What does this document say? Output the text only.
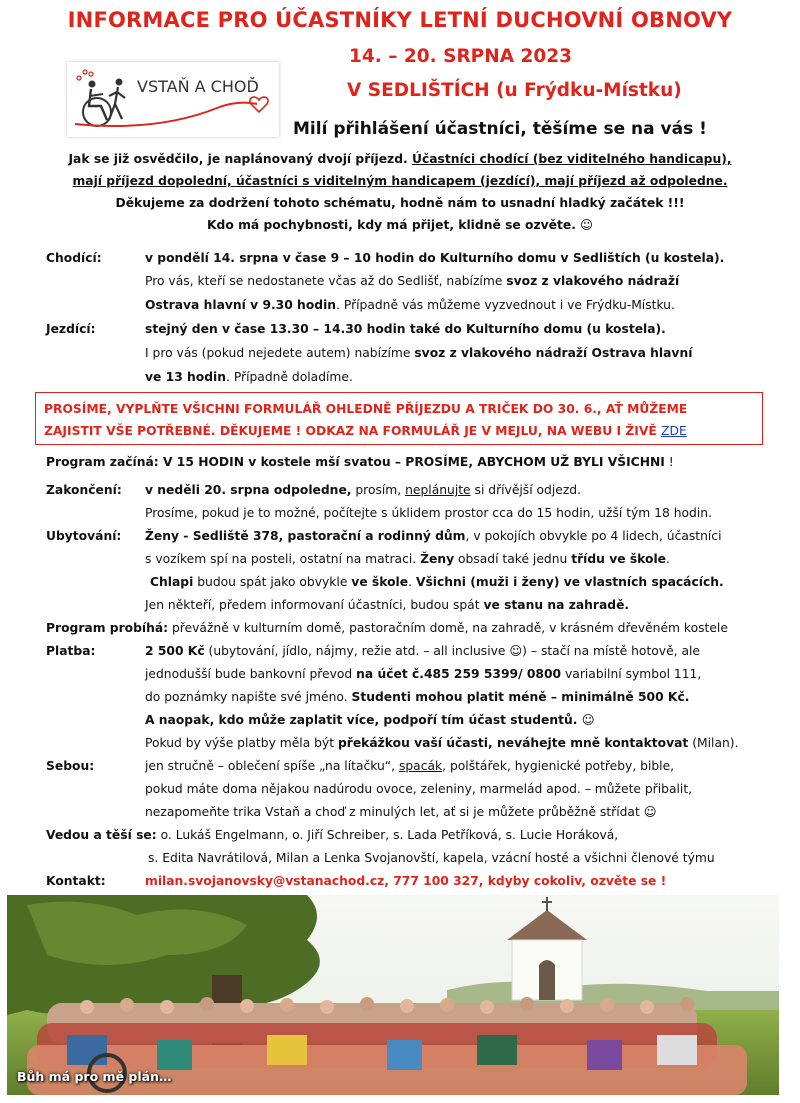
INFORMACE PRO ÚČASTNÍKY LETNÍ DUCHOVNÍ OBNOVY
14. – 20. SRPNA 2023
V SEDLIŠTÍCH (u Frýdku-Místku)
VSTAŇ A CHOĎ
Milí přihlášení účastníci, těšíme se na vás !
Jak se již osvědčilo, je naplánovaný dvojí příjezd. Účastníci chodící (bez viditelného handicapu),
mají příjezd dopolední, účastníci s viditelným handicapem (jezdící), mají příjezd až odpoledne.
Děkujeme za dodržení tohoto schématu, hodně nám to usnadní hladký začátek !!!
Kdo má pochybnosti, kdy má přijet, klidně se ozvěte. ☺
Chodící:	v pondělí 14. srpna v čase 9 – 10 hodin do Kulturního domu v Sedlištích (u kostela).
Pro vás, kteří se nedostanete včas až do Sedlišť, nabízíme svoz z vlakového nádraží
Ostrava hlavní v 9.30 hodin. Případně vás můžeme vyzvednout i ve Frýdku-Místku.
Jezdící:	stejný den v čase 13.30 – 14.30 hodin také do Kulturního domu (u kostela).
I pro vás (pokud nejedete autem) nabízíme svoz z vlakového nádraží Ostrava hlavní
ve 13 hodin. Případně doladíme.
PROSÍME, VYPLŇTE VŠICHNI FORMULÁŘ OHLEDNĚ PŘÍJEZDU A TRIČEK DO 30. 6., AŤ MŮŽEME
ZAJISTIT VŠE POTŘEBNÉ. DĚKUJEME ! ODKAZ NA FORMULÁŘ JE V MEJLU, NA WEBU I ŽIVĚ ZDE
Program začíná: V 15 HODIN v kostele mší svatou – PROSÍME, ABYCHOM UŽ BYLI VŠICHNI !
Zakončení: v neděli 20. srpna odpoledne, prosím, neplánujte si dřívější odjezd.
Prosíme, pokud je to možné, počítejte s úklidem prostor cca do 15 hodin, užší tým 18 hodin.
Ubytování: Ženy - Sedliště 378, pastorační a rodinný dům, v pokojích obvykle po 4 lidech, účastníci
s vozíkem spí na posteli, ostatní na matraci. Ženy obsadí také jednu třídu ve škole.
Chlapi budou spát jako obvykle ve škole. Všichni (muži i ženy) ve vlastních spacácích.
Jen někteří, předem informovaní účastníci, budou spát ve stanu na zahradě.
Program probíhá: převážně v kulturním domě, pastoračním domě, na zahradě, v krásném dřevěném kostele
Platba:	2 500 Kč (ubytování, jídlo, nájmy, režie atd. – all inclusive ☺) – stačí na místě hotově, ale
jednodušší bude bankovní převod na účet č.485 259 5399/ 0800 variabilní symbol 111,
do poznámky napište své jméno. Studenti mohou platit méně – minimálně 500 Kč.
A naopak, kdo může zaplatit více, podpoří tím účast studentů. ☺
Pokud by výše platby měla být překážkou vaší účasti, neváhejte mně kontaktovat (Milan).
Sebou:	jen stručně – oblečení spíše „na lítačku“, spacák, polštářek, hygienické potřeby, bible,
pokud máte doma nějakou nadúrodu ovoce, zeleniny, marmelád apod. – můžete přibalit,
nezapomeňte trika Vstaň a choď z minulých let, ať si je můžete průběžně střídat ☺
Vedou a těší se: o. Lukáš Engelmann, o. Jiří Schreiber, s. Lada Petříková, s. Lucie Horáková,
s. Edita Navrátilová, Milan a Lenka Svojanovští, kapela, vzácní hosté a všichni členové týmu
Kontakt:	milan.svojanovsky@vstanachod.cz, 777 100 327, kdyby cokoliv, ozvěte se !
Bůh má pro mě plán…
